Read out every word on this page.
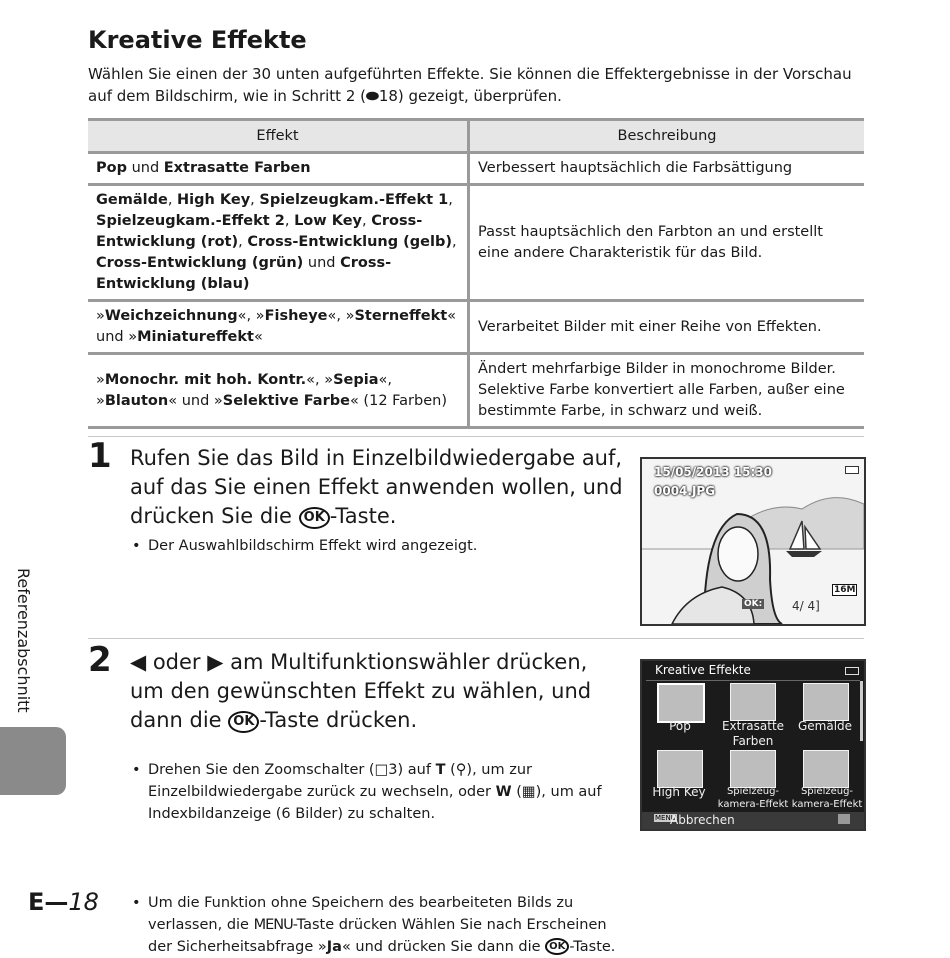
Kreative Effekte
Wählen Sie einen der 30 unten aufgeführten Effekte. Sie können die Effektergebnisse in der Vorschau auf dem Bildschirm, wie in Schritt 2 (⬬18) gezeigt, überprüfen.
Effekt	Beschreibung
Pop und Extrasatte Farben	Verbessert hauptsächlich die Farbsättigung
Gemälde, High Key, Spielzeugkam.-Effekt 1, Spielzeugkam.-Effekt 2, Low Key, Cross-Entwicklung (rot), Cross-Entwicklung (gelb), Cross-Entwicklung (grün) und Cross-Entwicklung (blau)	Passt hauptsächlich den Farbton an und erstellt eine andere Charakteristik für das Bild.
»Weichzeichnung«, »Fisheye«, »Sterneffekt« und »Miniatureffekt«	Verarbeitet Bilder mit einer Reihe von Effekten.
»Monochr. mit hoh. Kontr.«, »Sepia«, »Blauton« und »Selektive Farbe« (12 Farben)	Ändert mehrfarbige Bilder in monochrome Bilder. Selektive Farbe konvertiert alle Farben, außer eine bestimmte Farbe, in schwarz und weiß.
1 Rufen Sie das Bild in Einzelbildwiedergabe auf, auf das Sie einen Effekt anwenden wollen, und drücken Sie die OK -Taste.
• Der Auswahlbildschirm Effekt wird angezeigt.
15/05/2013 15:30
0004.JPG
16M
OK: 4/ 4]
2 ◀ oder ▶ am Multifunktionswähler drücken, um den gewünschten Effekt zu wählen, und dann die OK -Taste drücken.
• Drehen Sie den Zoomschalter (□3) auf T (⚲), um zur Einzelbildwiedergabe zurück zu wechseln, oder W (▦), um auf Indexbildanzeige (6 Bilder) zu schalten.
• Um die Funktion ohne Speichern des bearbeiteten Bilds zu verlassen, die MENU-Taste drücken Wählen Sie nach Erscheinen der Sicherheitsabfrage »Ja« und drücken Sie dann die OK -Taste.
Kreative Effekte
Pop	Extrasatte Farben
Gemälde
High Key	Spielzeug-kamera-Effekt
Spielzeug-kamera-Effekt
MENU
Abbrechen
Referenzabschnitt
E—18
